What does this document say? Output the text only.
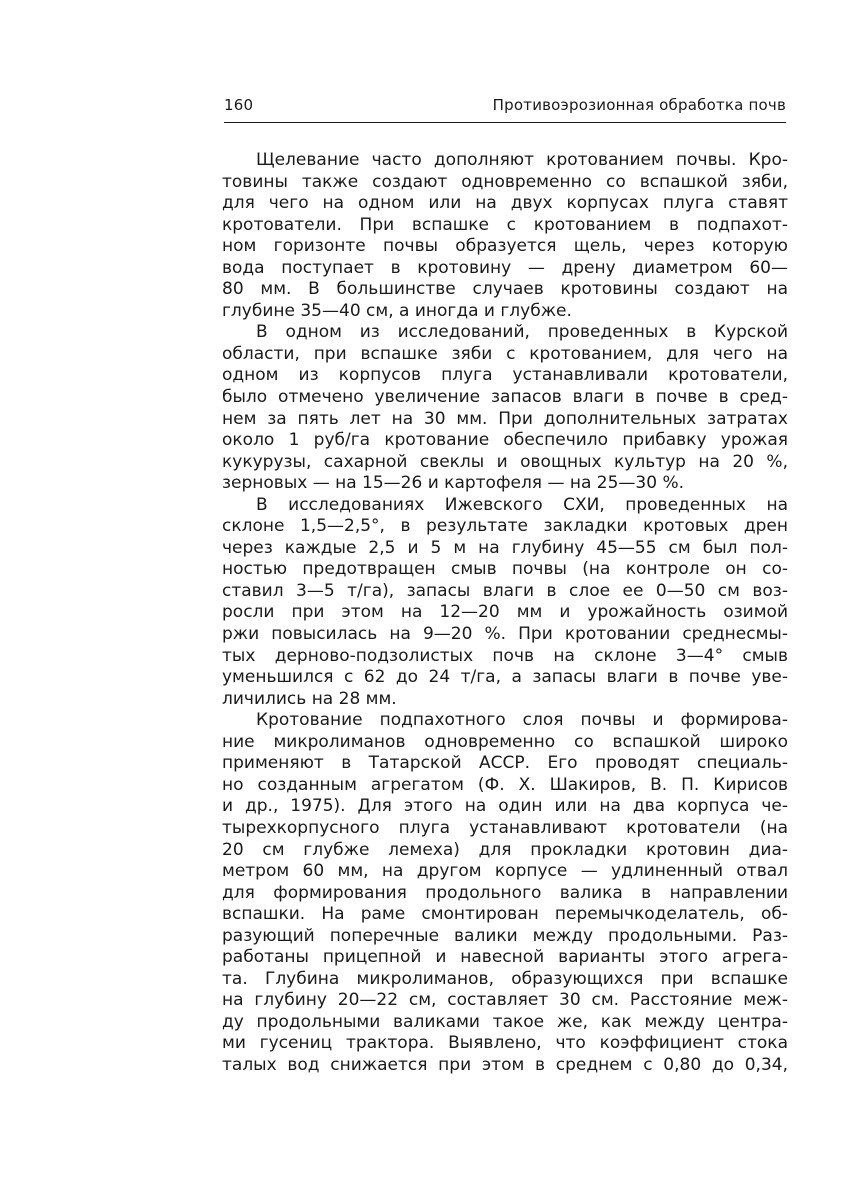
160	Противоэрозионная обработка почв
Щелевание часто дополняют кротованием почвы. Кро-
товины также создают одновременно со вспашкой зяби,
для чего на одном или на двух корпусах плуга ставят
кротователи. При вспашке с кротованием в подпахот-
ном горизонте почвы образуется щель, через которую
вода поступает в кротовину — дрену диаметром 60—
80 мм. В большинстве случаев кротовины создают на
глубине 35—40 см, а иногда и глубже.
В одном из исследований, проведенных в Курской
области, при вспашке зяби с кротованием, для чего на
одном из корпусов плуга устанавливали кротователи,
было отмечено увеличение запасов влаги в почве в сред-
нем за пять лет на 30 мм. При дополнительных затратах
около 1 руб/га кротование обеспечило прибавку урожая
кукурузы, сахарной свеклы и овощных культур на 20 %,
зерновых — на 15—26 и картофеля — на 25—30 %.
В исследованиях Ижевского СХИ, проведенных на
склоне 1,5—2,5°, в результате закладки кротовых дрен
через каждые 2,5 и 5 м на глубину 45—55 см был пол-
ностью предотвращен смыв почвы (на контроле он со-
ставил 3—5 т/га), запасы влаги в слое ее 0—50 см воз-
росли при этом на 12—20 мм и урожайность озимой
ржи повысилась на 9—20 %. При кротовании среднесмы-
тых дерново-подзолистых почв на склоне 3—4° смыв
уменьшился с 62 до 24 т/га, а запасы влаги в почве уве-
личились на 28 мм.
Кротование подпахотного слоя почвы и формирова-
ние микролиманов одновременно со вспашкой широко
применяют в Татарской АССР. Его проводят специаль-
но созданным агрегатом (Ф. Х. Шакиров, В. П. Кирисов
и др., 1975). Для этого на один или на два корпуса че-
тырехкорпусного плуга устанавливают кротователи (на
20 см глубже лемеха) для прокладки кротовин диа-
метром 60 мм, на другом корпусе — удлиненный отвал
для формирования продольного валика в направлении
вспашки. На раме смонтирован перемычкоделатель, об-
разующий поперечные валики между продольными. Раз-
работаны прицепной и навесной варианты этого агрега-
та. Глубина микролиманов, образующихся при вспашке
на глубину 20—22 см, составляет 30 см. Расстояние меж-
ду продольными валиками такое же, как между центра-
ми гусениц трактора. Выявлено, что коэффициент стока
талых вод снижается при этом в среднем с 0,80 до 0,34,
